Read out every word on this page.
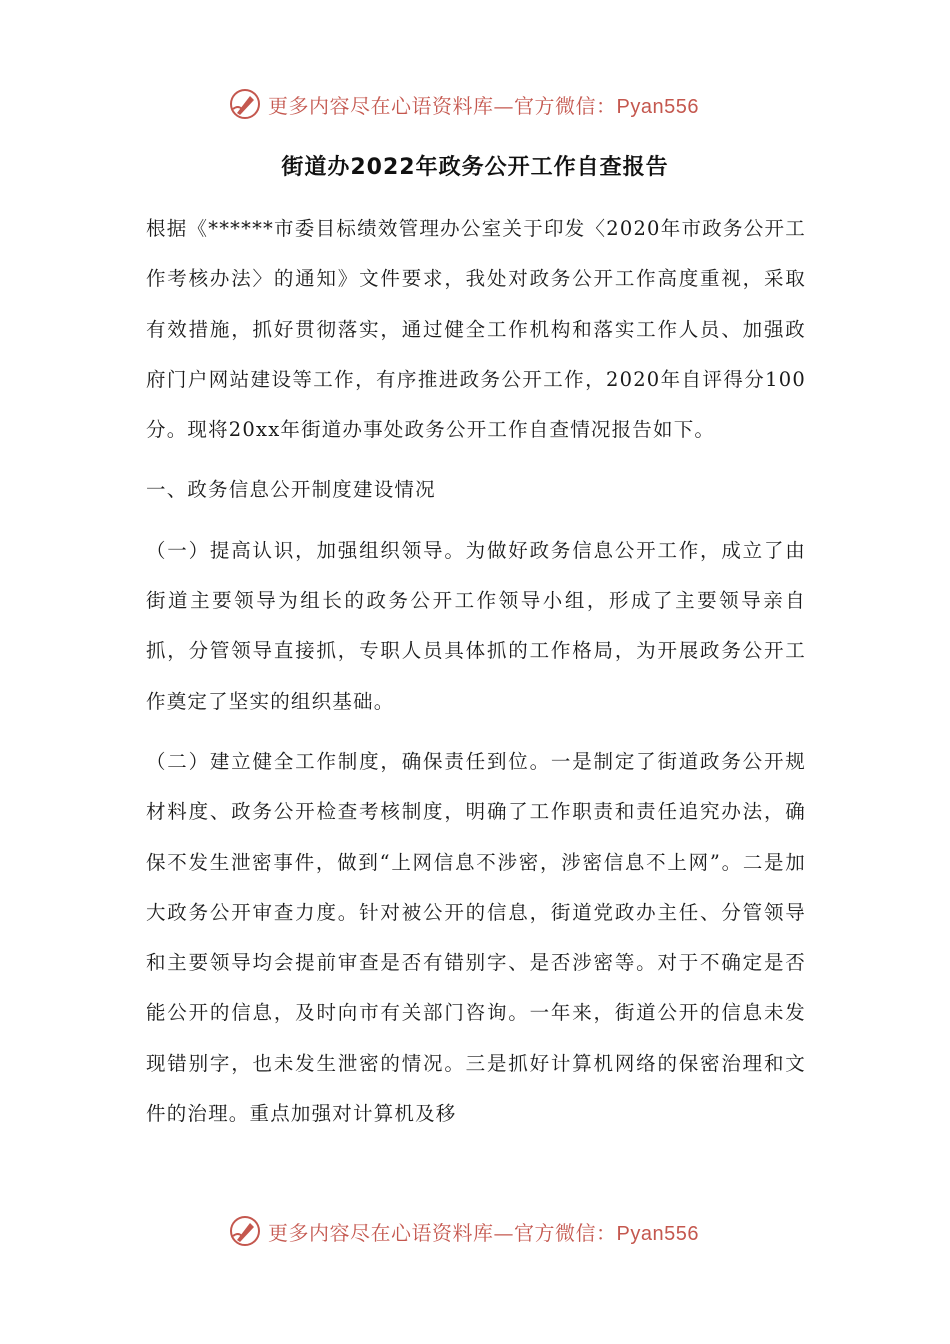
更多内容尽在心语资料库—官方微信：Pyan556
街道办2022年政务公开工作自查报告

根据《******市委目标绩效管理办公室关于印发〈2020年市政务公开工作考核办法〉的通知》文件要求，我处对政务公开工作高度重视，采取有效措施，抓好贯彻落实，通过健全工作机构和落实工作人员、加强政府门户网站建设等工作，有序推进政务公开工作，2020年自评得分100分。现将20xx年街道办事处政务公开工作自查情况报告如下。

一、政务信息公开制度建设情况

（一）提高认识，加强组织领导。为做好政务信息公开工作，成立了由街道主要领导为组长的政务公开工作领导小组，形成了主要领导亲自抓，分管领导直接抓，专职人员具体抓的工作格局，为开展政务公开工作奠定了坚实的组织基础。

（二）建立健全工作制度，确保责任到位。一是制定了街道政务公开规材料度、政务公开检查考核制度，明确了工作职责和责任追究办法，确保不发生泄密事件，做到“上网信息不涉密，涉密信息不上网”。二是加大政务公开审查力度。针对被公开的信息，街道党政办主任、分管领导和主要领导均会提前审查是否有错别字、是否涉密等。对于不确定是否能公开的信息，及时向市有关部门咨询。一年来，街道公开的信息未发现错别字，也未发生泄密的情况。三是抓好计算机网络的保密治理和文件的治理。重点加强对计算机及移

更多内容尽在心语资料库—官方微信：Pyan556
